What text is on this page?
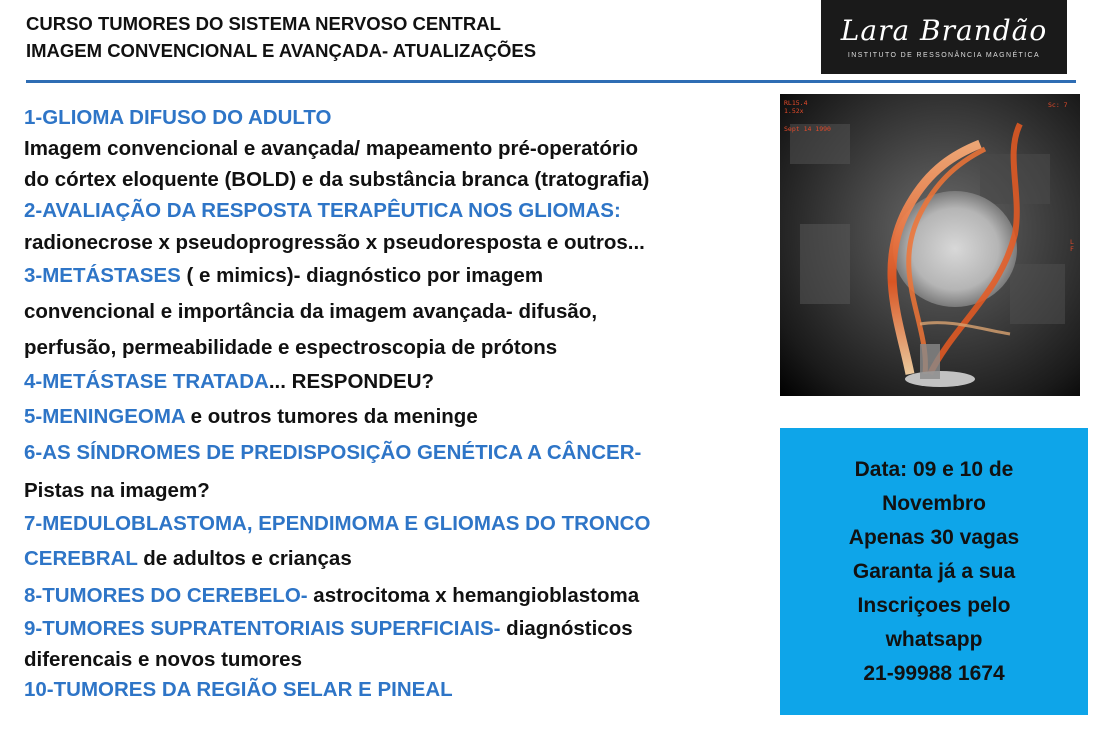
CURSO TUMORES DO SISTEMA NERVOSO CENTRAL
IMAGEM CONVENCIONAL E AVANÇADA- ATUALIZAÇÕES
Lara Brandão
INSTITUTO DE RESSONÂNCIA MAGNÉTICA
1-GLIOMA DIFUSO DO ADULTO
Imagem convencional e avançada/ mapeamento pré-operatório
do córtex eloquente (BOLD) e da substância branca (tratografia)
2-AVALIAÇÃO DA RESPOSTA TERAPÊUTICA NOS GLIOMAS:
radionecrose x pseudoprogressão x pseudoresposta e outros...
3-METÁSTASES ( e mimics)- diagnóstico por imagem
convencional e importância da imagem avançada- difusão,
perfusão, permeabilidade e espectroscopia de prótons
4-METÁSTASE TRATADA... RESPONDEU?
5-MENINGEOMA e outros tumores da meninge
6-AS SÍNDROMES DE PREDISPOSIÇÃO GENÉTICA A CÂNCER-
Pistas na imagem?
7-MEDULOBLASTOMA, EPENDIMOMA E GLIOMAS DO TRONCO
CEREBRAL de adultos e crianças
8-TUMORES DO CEREBELO- astrocitoma x hemangioblastoma
9-TUMORES SUPRATENTORIAIS SUPERFICIAIS- diagnósticos
diferencais e novos tumores
10-TUMORES DA REGIÃO SELAR E PINEAL
RL15.4
1.52x
Sept 14 1990
Sc: 7
L F
Data: 09 e 10 de
Novembro
Apenas 30 vagas
Garanta já a sua
Inscriçoes pelo
whatsapp
21-99988 1674
